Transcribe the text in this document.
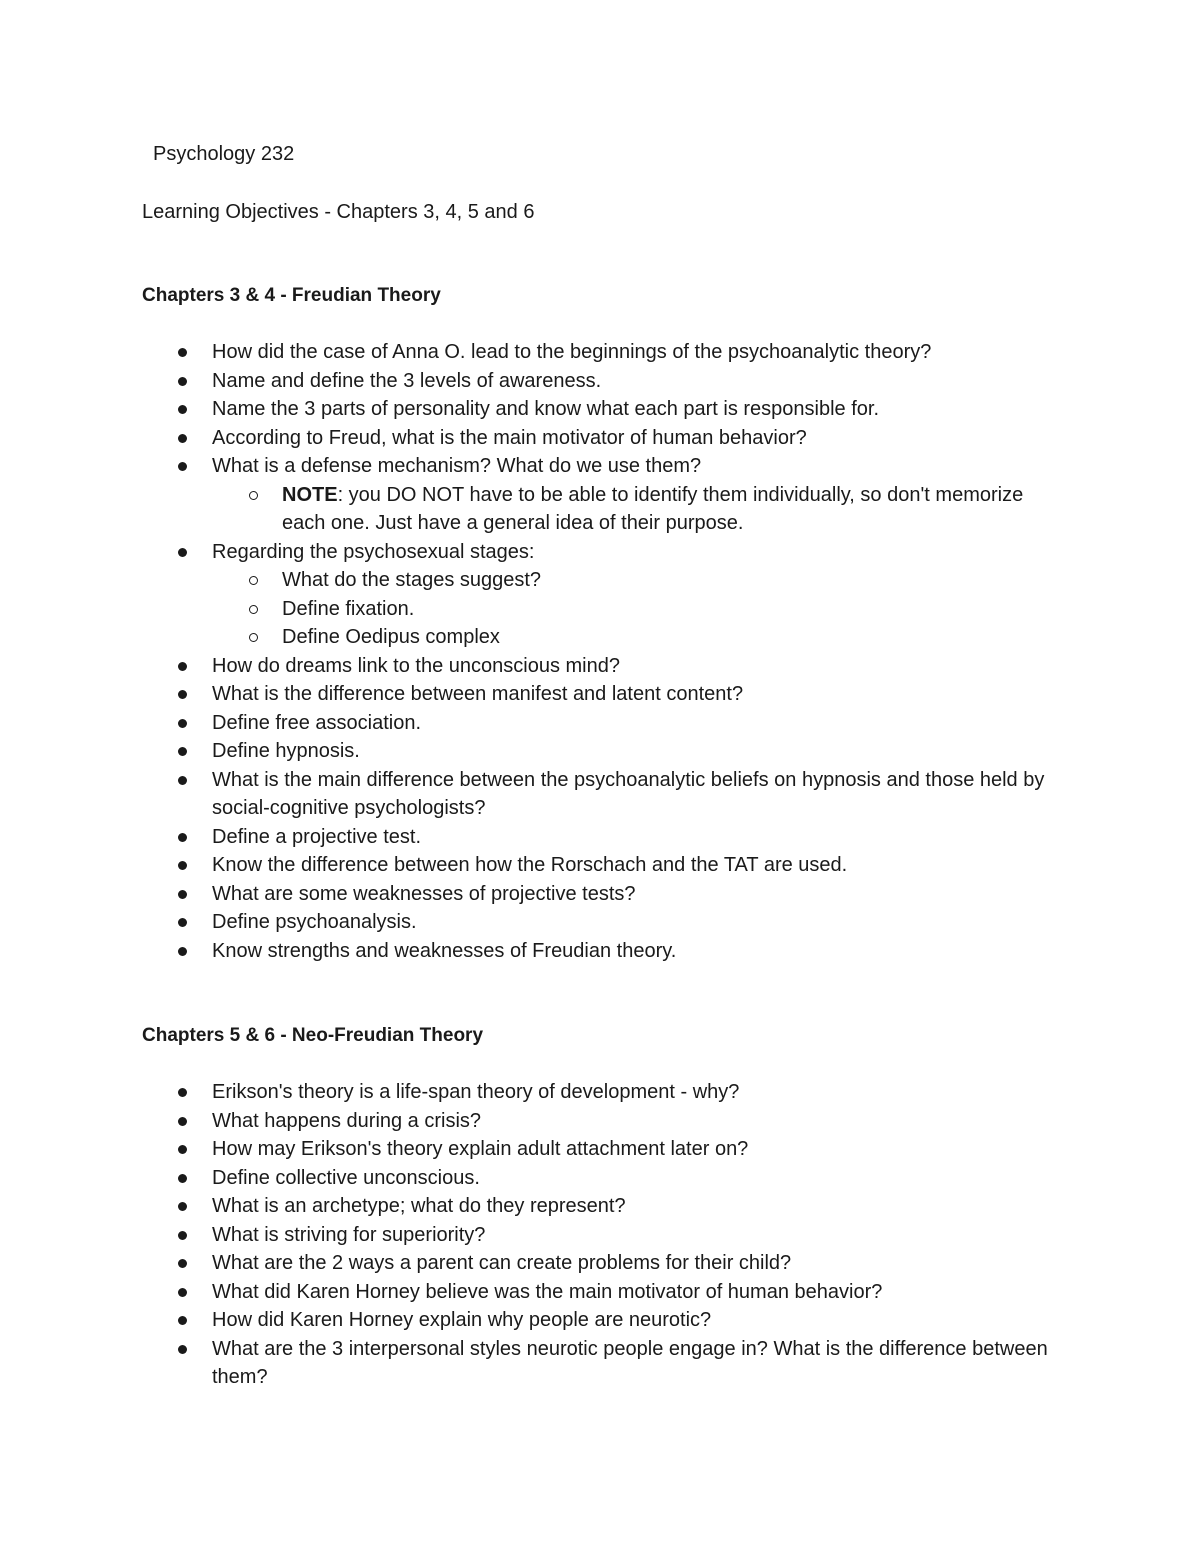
Psychology 232
Learning Objectives - Chapters 3, 4, 5 and 6
Chapters 3 & 4 - Freudian Theory
How did the case of Anna O. lead to the beginnings of the psychoanalytic theory?
Name and define the 3 levels of awareness.
Name the 3 parts of personality and know what each part is responsible for.
According to Freud, what is the main motivator of human behavior?
What is a defense mechanism? What do we use them?
NOTE: you DO NOT have to be able to identify them individually, so don't memorize each one. Just have a general idea of their purpose.
Regarding the psychosexual stages:
What do the stages suggest?
Define fixation.
Define Oedipus complex
How do dreams link to the unconscious mind?
What is the difference between manifest and latent content?
Define free association.
Define hypnosis.
What is the main difference between the psychoanalytic beliefs on hypnosis and those held by social-cognitive psychologists?
Define a projective test.
Know the difference between how the Rorschach and the TAT are used.
What are some weaknesses of projective tests?
Define psychoanalysis.
Know strengths and weaknesses of Freudian theory.
Chapters 5 & 6 - Neo-Freudian Theory
Erikson's theory is a life-span theory of development - why?
What happens during a crisis?
How may Erikson's theory explain adult attachment later on?
Define collective unconscious.
What is an archetype; what do they represent?
What is striving for superiority?
What are the 2 ways a parent can create problems for their child?
What did Karen Horney believe was the main motivator of human behavior?
How did Karen Horney explain why people are neurotic?
What are the 3 interpersonal styles neurotic people engage in? What is the difference between them?
